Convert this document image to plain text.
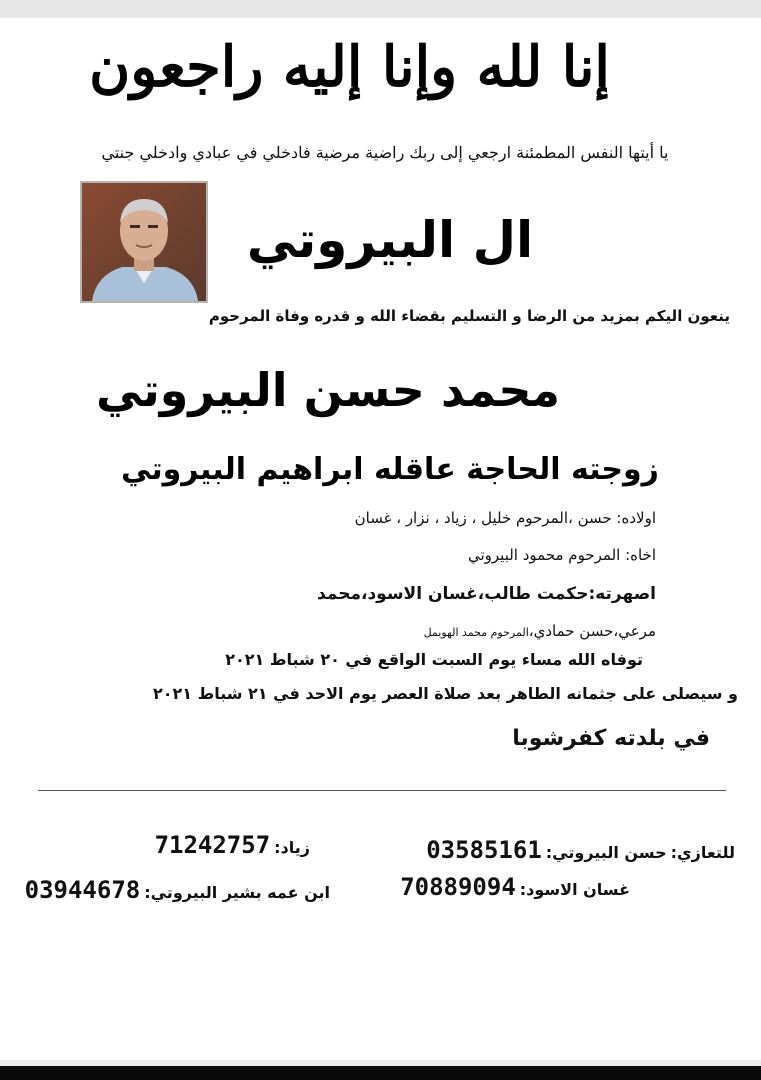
إنا لله وإنا إليه راجعون
يا أيتها النفس المطمئنة ارجعي إلى ربك راضية مرضية فادخلي في عبادي وادخلي جنتي
ال البيروتي
ينعون اليكم بمزيد من الرضا و التسليم بقضاء الله و قدره وفاة المرحوم
محمد حسن البيروتي
زوجته الحاجة عاقله ابراهيم البيروتي
اولاده: حسن ،المرحوم خليل ، زياد ، نزار ، غسان
اخاه: المرحوم محمود البيروتي
اصهرته:حكمت طالب،غسان الاسود،محمد
مرعي،حسن حمادي،المرحوم محمد الهويمل
توفاه الله مساء يوم السبت الواقع في ٢٠ شباط ٢٠٢١
و سيصلى على جثمانه الطاهر بعد صلاة العصر يوم الاحد في ٢١ شباط ٢٠٢١
في بلدته كفرشوبا
للتعازي:
حسن البيروتي:
03585161
غسان الاسود:
70889094
زياد:
71242757
ابن عمه بشير البيروتي:
03944678
